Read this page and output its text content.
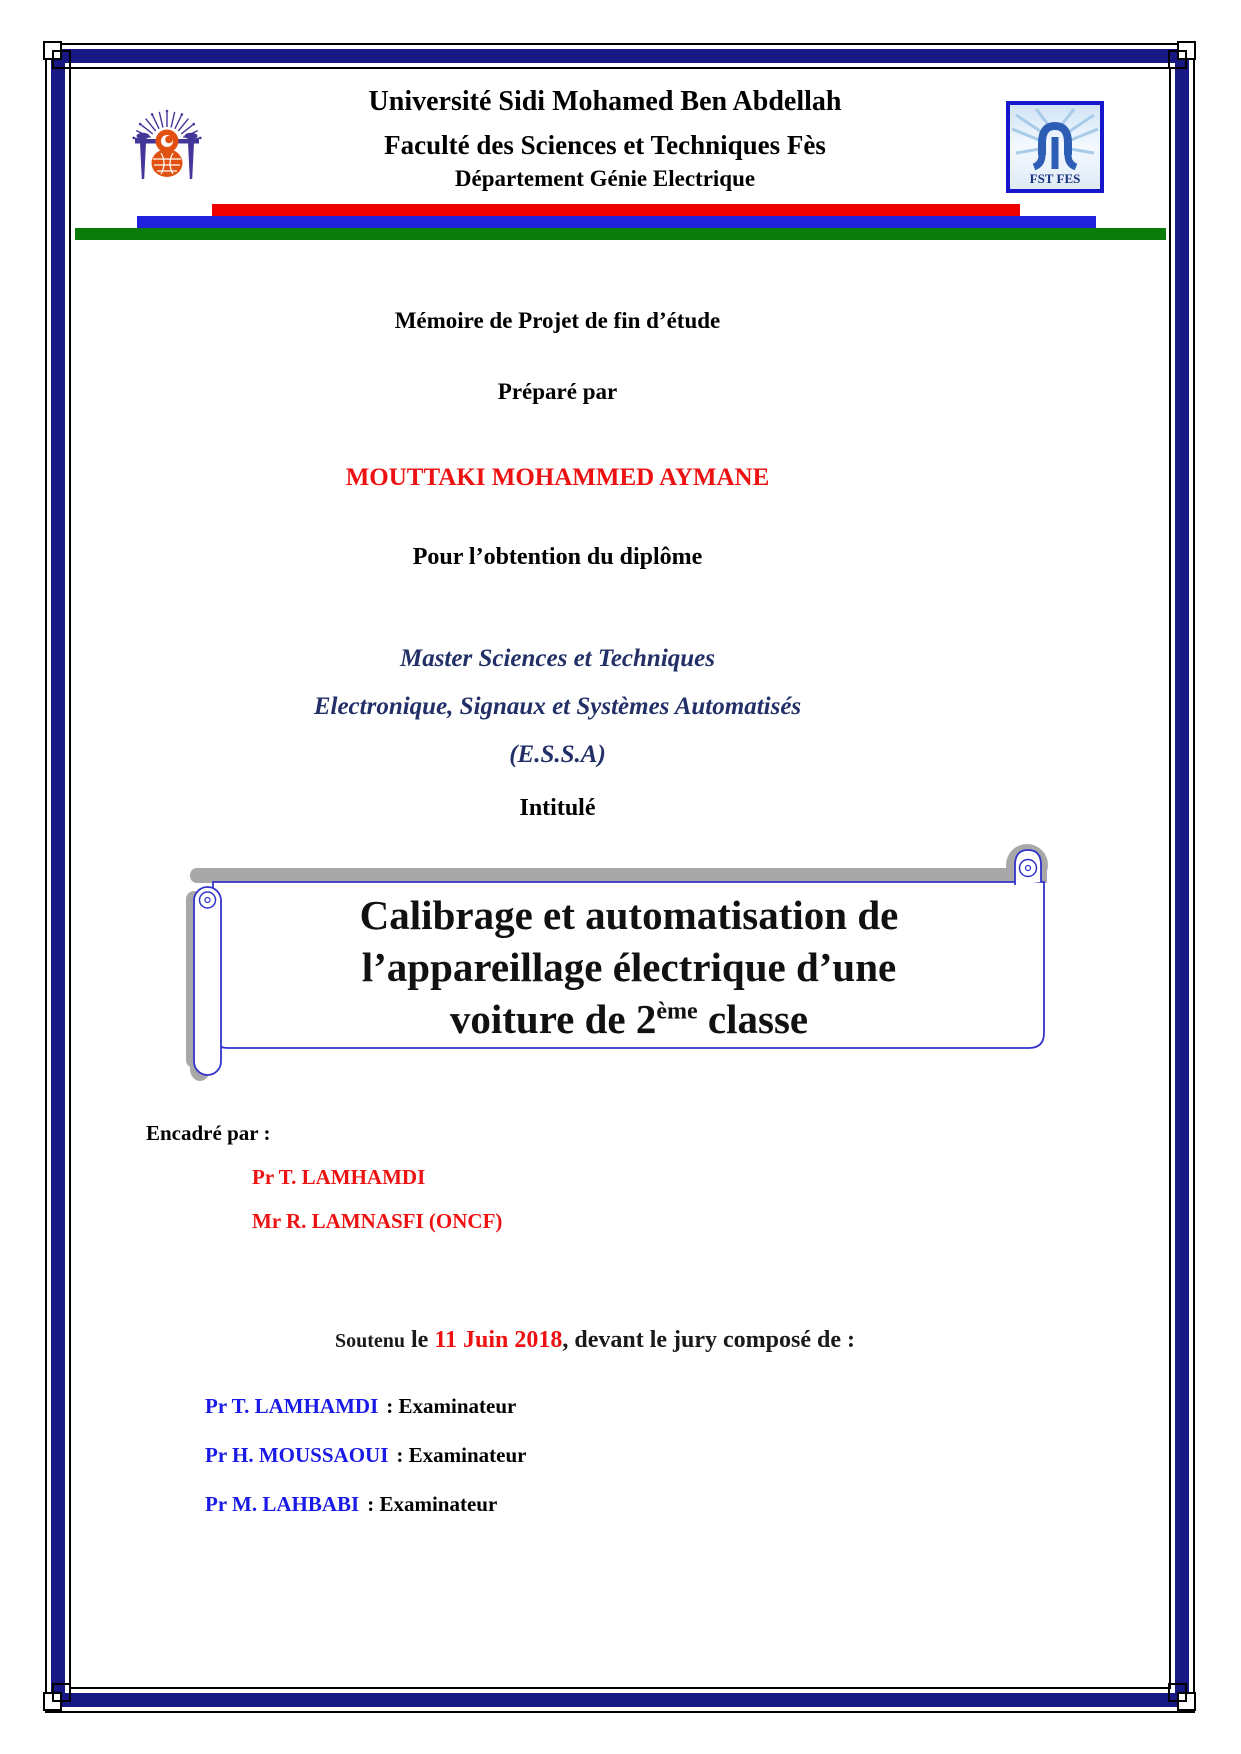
Université Sidi Mohamed Ben Abdellah
Faculté des Sciences et Techniques Fès
Département Génie Electrique	FST FES
Mémoire de Projet de fin d’étude
Préparé par
MOUTTAKI MOHAMMED AYMANE
Pour l’obtention du diplôme
Master Sciences et Techniques
Electronique, Signaux et Systèmes Automatisés
(E.S.S.A)
Intitulé
Calibrage et automatisation de
l’appareillage électrique d’une
voiture de 2ème classe
Encadré par :
Pr T. LAMHAMDI
Mr R. LAMNASFI (ONCF)
Soutenu le 11 Juin 2018, devant le jury composé de :
Pr T. LAMHAMDI : Examinateur
Pr H. MOUSSAOUI : Examinateur
Pr M. LAHBABI : Examinateur
